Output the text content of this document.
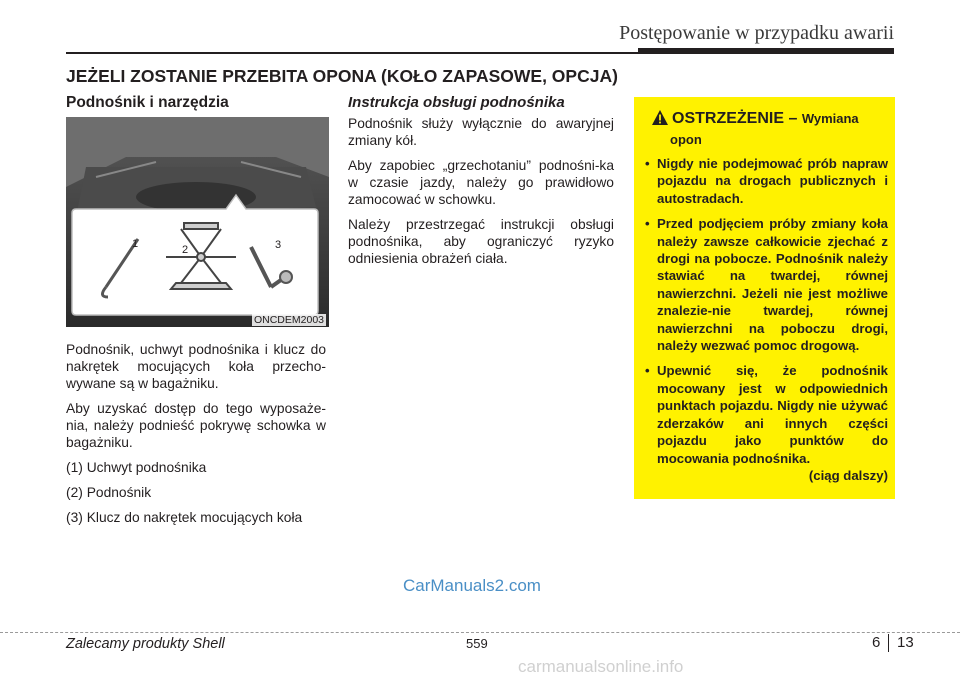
Postępowanie w przypadku awarii
JEŻELI ZOSTANIE PRZEBITA OPONA (KOŁO ZAPASOWE, OPCJA)
Podnośnik i narzędzia
1	2	3
ONCDEM2003

Podnośnik, uchwyt podnośnika i klucz do nakrętek mocujących koła przecho-wywane są w bagażniku.

Aby uzyskać dostęp do tego wyposaże-nia, należy podnieść pokrywę schowka w bagażniku.

(1) Uchwyt podnośnika

(2) Podnośnik

(3) Klucz do nakrętek mocujących koła

Instrukcja obsługi podnośnika

Podnośnik służy wyłącznie do awaryjnej zmiany kół.

Aby zapobiec „grzechotaniu” podnośni-ka w czasie jazdy, należy go prawidłowo zamocować w schowku.

Należy przestrzegać instrukcji obsługi podnośnika, aby ograniczyć ryzyko odniesienia obrażeń ciała.

OSTRZEŻENIE – Wymiana
opon
• Nigdy nie podejmować prób napraw pojazdu na drogach publicznych i autostradach.
• Przed podjęciem próby zmiany koła należy zawsze całkowicie zjechać z drogi na pobocze. Podnośnik należy stawiać na twardej, równej nawierzchni. Jeżeli nie jest możliwe znalezie-nie twardej, równej nawierzchni na poboczu drogi, należy wezwać pomoc drogową.
• Upewnić się, że podnośnik mocowany jest w odpowiednich punktach pojazdu. Nigdy nie używać zderzaków ani innych części pojazdu jako punktów do mocowania podnośnika.
(ciąg dalszy)
CarManuals2.com
Zalecamy produkty Shell	559	6 13
carmanualsonline.info
